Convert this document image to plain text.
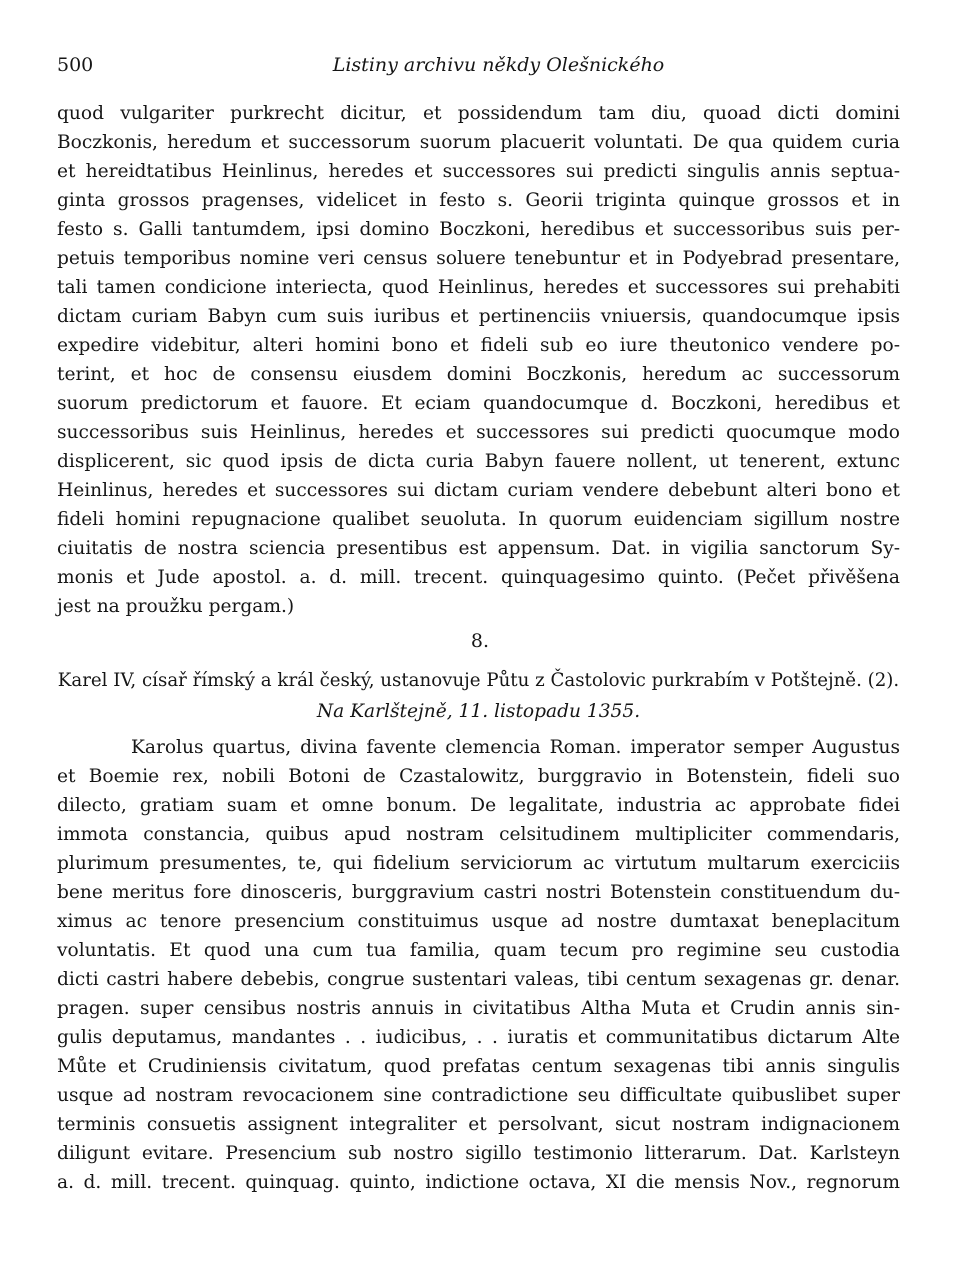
500	Listiny archivu někdy Olešnického
quod vulgariter purkrecht dicitur, et possidendum tam diu, quoad dicti domini
Boczkonis, heredum et successorum suorum placuerit voluntati. De qua quidem curia
et hereidtatibus Heinlinus, heredes et successores sui predicti singulis annis septua-
ginta grossos pragenses, videlicet in festo s. Georii triginta quinque grossos et in
festo s. Galli tantumdem, ipsi domino Boczkoni, heredibus et successoribus suis per-
petuis temporibus nomine veri census soluere tenebuntur et in Podyebrad presentare,
tali tamen condicione interiecta, quod Heinlinus, heredes et successores sui prehabiti
dictam curiam Babyn cum suis iuribus et pertinenciis vniuersis, quandocumque ipsis
expedire videbitur, alteri homini bono et fideli sub eo iure theutonico vendere po-
terint, et hoc de consensu eiusdem domini Boczkonis, heredum ac successorum
suorum predictorum et fauore. Et eciam quandocumque d. Boczkoni, heredibus et
successoribus suis Heinlinus, heredes et successores sui predicti quocumque modo
displicerent, sic quod ipsis de dicta curia Babyn fauere nollent, ut tenerent, extunc
Heinlinus, heredes et successores sui dictam curiam vendere debebunt alteri bono et
fideli homini repugnacione qualibet seuoluta. In quorum euidenciam sigillum nostre
ciuitatis de nostra sciencia presentibus est appensum. Dat. in vigilia sanctorum Sy-
monis et Jude apostol. a. d. mill. trecent. quinquagesimo quinto. (Pečet přivěšena
jest na proužku pergam.)
8.
Karel IV, císař římský a král český, ustanovuje Půtu z Častolovic purkrabím v Potštejně. (2).
Na Karlštejně, 11. listopadu 1355.
Karolus quartus, divina favente clemencia Roman. imperator semper Augustus
et Boemie rex, nobili Botoni de Czastalowitz, burggravio in Botenstein, fideli suo
dilecto, gratiam suam et omne bonum. De legalitate, industria ac approbate fidei
immota constancia, quibus apud nostram celsitudinem multipliciter commendaris,
plurimum presumentes, te, qui fidelium serviciorum ac virtutum multarum exerciciis
bene meritus fore dinosceris, burggravium castri nostri Botenstein constituendum du-
ximus ac tenore presencium constituimus usque ad nostre dumtaxat beneplacitum
voluntatis. Et quod una cum tua familia, quam tecum pro regimine seu custodia
dicti castri habere debebis, congrue sustentari valeas, tibi centum sexagenas gr. denar.
pragen. super censibus nostris annuis in civitatibus Altha Muta et Crudin annis sin-
gulis deputamus, mandantes . . iudicibus, . . iuratis et communitatibus dictarum Alte
Můte et Crudiniensis civitatum, quod prefatas centum sexagenas tibi annis singulis
usque ad nostram revocacionem sine contradictione seu difficultate quibuslibet super
terminis consuetis assignent integraliter et persolvant, sicut nostram indignacionem
diligunt evitare. Presencium sub nostro sigillo testimonio litterarum. Dat. Karlsteyn
a. d. mill. trecent. quinquag. quinto, indictione octava, XI die mensis Nov., regnorum
